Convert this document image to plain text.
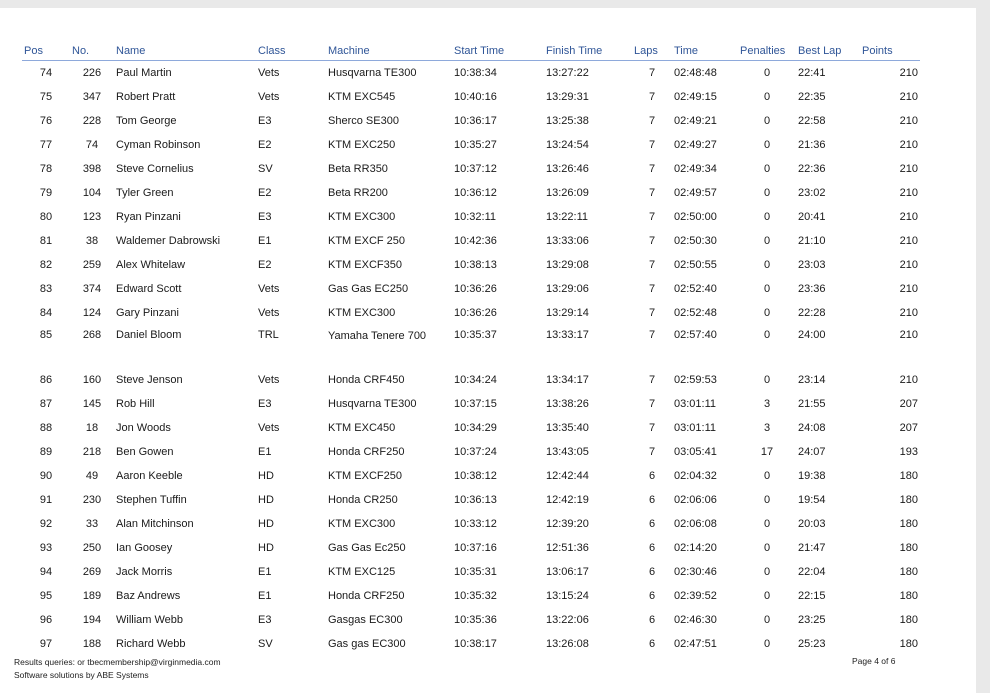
Pos	No.	Name	Class	Machine	Start Time	Finish Time	Laps	Time	Penalties	Best Lap	Points
74	226	Paul Martin	Vets	Husqvarna TE300	10:38:34	13:27:22	7	02:48:48	0	22:41	210
75	347	Robert Pratt	Vets	KTM EXC545	10:40:16	13:29:31	7	02:49:15	0	22:35	210
76	228	Tom George	E3	Sherco SE300	10:36:17	13:25:38	7	02:49:21	0	22:58	210
77	74	Cyman Robinson	E2	KTM EXC250	10:35:27	13:24:54	7	02:49:27	0	21:36	210
78	398	Steve Cornelius	SV	Beta RR350	10:37:12	13:26:46	7	02:49:34	0	22:36	210
79	104	Tyler Green	E2	Beta RR200	10:36:12	13:26:09	7	02:49:57	0	23:02	210
80	123	Ryan Pinzani	E3	KTM EXC300	10:32:11	13:22:11	7	02:50:00	0	20:41	210
81	38	Waldemer Dabrowski	E1	KTM EXCF 250	10:42:36	13:33:06	7	02:50:30	0	21:10	210
82	259	Alex Whitelaw	E2	KTM EXCF350	10:38:13	13:29:08	7	02:50:55	0	23:03	210
83	374	Edward Scott	Vets	Gas Gas EC250	10:36:26	13:29:06	7	02:52:40	0	23:36	210
84	124	Gary Pinzani	Vets	KTM EXC300	10:36:26	13:29:14	7	02:52:48	0	22:28	210
85	268	Daniel Bloom	TRL	Yamaha Tenere 700	10:35:37	13:33:17	7	02:57:40	0	24:00	210
86	160	Steve Jenson	Vets	Honda CRF450	10:34:24	13:34:17	7	02:59:53	0	23:14	210
87	145	Rob Hill	E3	Husqvarna TE300	10:37:15	13:38:26	7	03:01:11	3	21:55	207
88	18	Jon Woods	Vets	KTM EXC450	10:34:29	13:35:40	7	03:01:11	3	24:08	207
89	218	Ben Gowen	E1	Honda CRF250	10:37:24	13:43:05	7	03:05:41	17	24:07	193
90	49	Aaron Keeble	HD	KTM EXCF250	10:38:12	12:42:44	6	02:04:32	0	19:38	180
91	230	Stephen Tuffin	HD	Honda CR250	10:36:13	12:42:19	6	02:06:06	0	19:54	180
92	33	Alan Mitchinson	HD	KTM EXC300	10:33:12	12:39:20	6	02:06:08	0	20:03	180
93	250	Ian Goosey	HD	Gas Gas Ec250	10:37:16	12:51:36	6	02:14:20	0	21:47	180
94	269	Jack Morris	E1	KTM EXC125	10:35:31	13:06:17	6	02:30:46	0	22:04	180
95	189	Baz Andrews	E1	Honda CRF250	10:35:32	13:15:24	6	02:39:52	0	22:15	180
96	194	William Webb	E3	Gasgas EC300	10:35:36	13:22:06	6	02:46:30	0	23:25	180
97	188	Richard Webb	SV	Gas gas EC300	10:38:17	13:26:08	6	02:47:51	0	25:23	180
Results queries: or tbecmembership@virginmedia.com
Software solutions by ABE Systems
Page 4 of 6
